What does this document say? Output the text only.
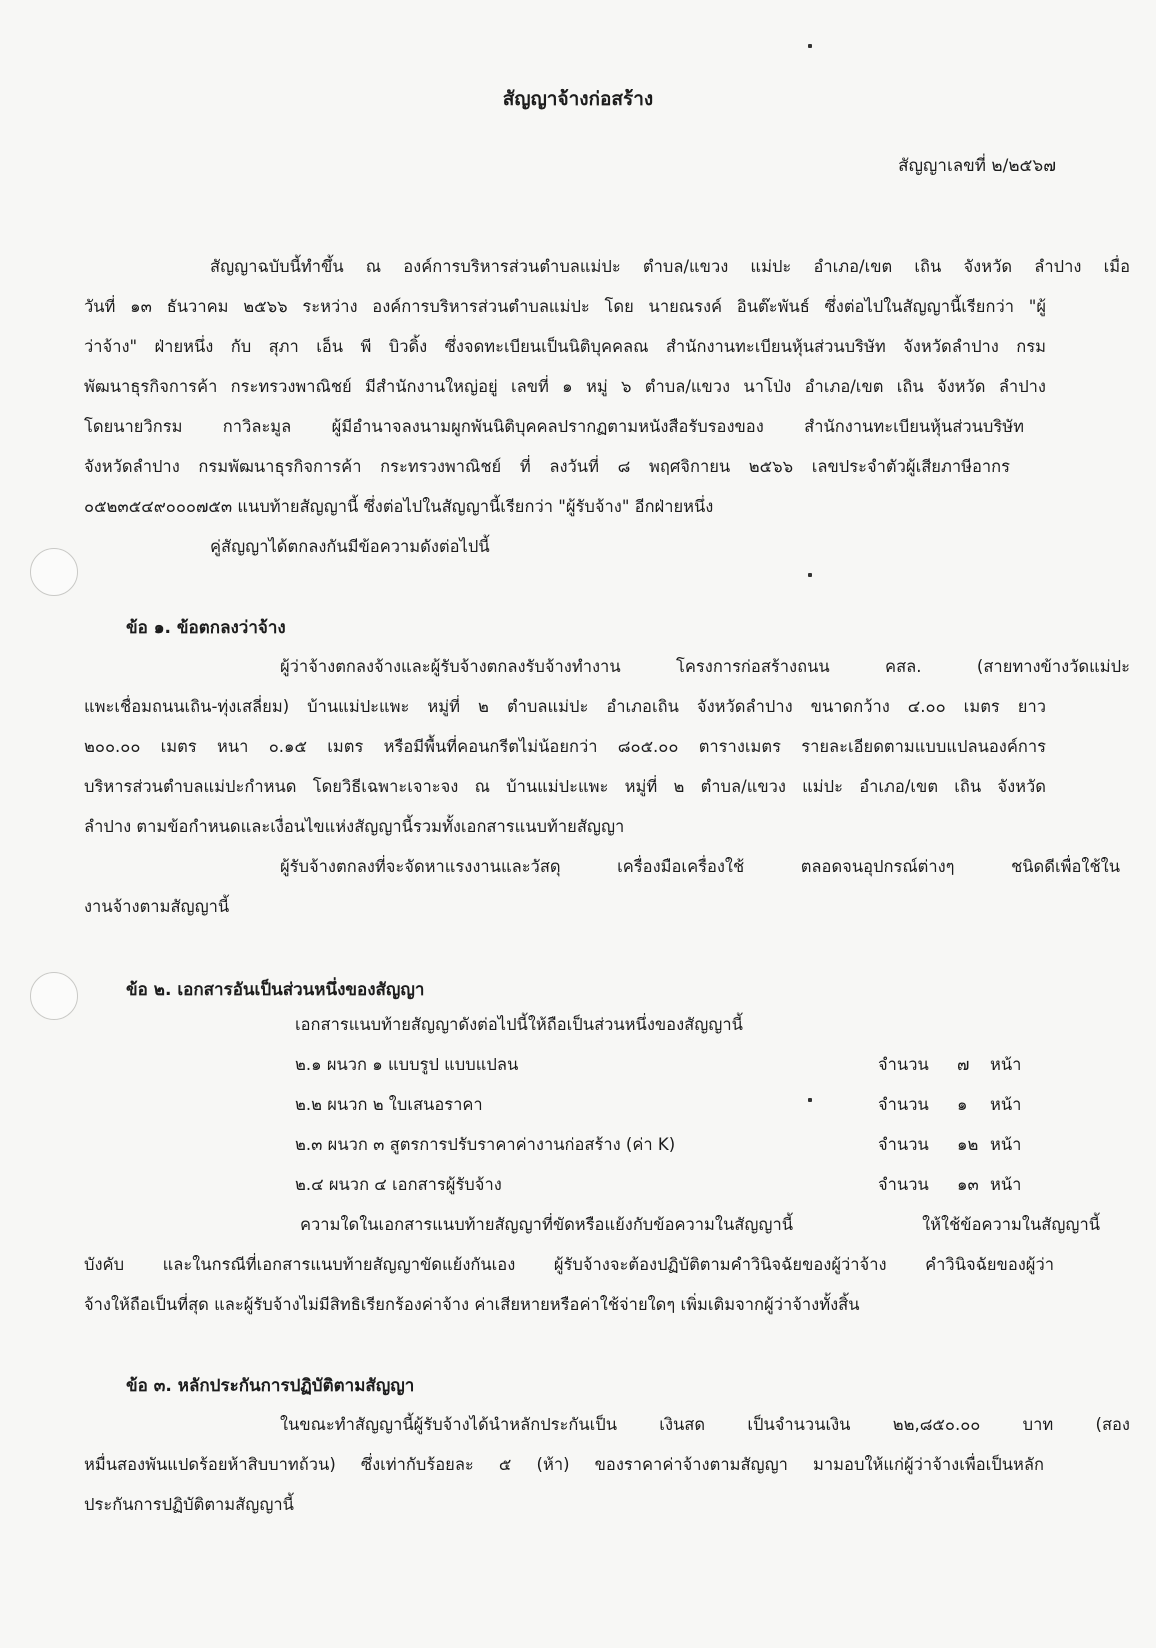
สัญญาจ้างก่อสร้าง
สัญญาเลขที่ ๒/๒๕๖๗
สัญญาฉบับนี้ทำขึ้น ณ องค์การบริหารส่วนตำบลแม่ปะ ตำบล/แขวง แม่ปะ อำเภอ/เขต เถิน จังหวัด ลำปาง เมื่อ
วันที่ ๑๓ ธันวาคม ๒๕๖๖ ระหว่าง องค์การบริหารส่วนตำบลแม่ปะ โดย นายณรงค์ อินต๊ะพันธ์ ซึ่งต่อไปในสัญญานี้เรียกว่า "ผู้
ว่าจ้าง" ฝ่ายหนึ่ง กับ สุภา เอ็น พี บิวดิ้ง ซึ่งจดทะเบียนเป็นนิติบุคคลณ สำนักงานทะเบียนหุ้นส่วนบริษัท จังหวัดลำปาง กรม
พัฒนาธุรกิจการค้า กระทรวงพาณิชย์ มีสำนักงานใหญ่อยู่ เลขที่ ๑ หมู่ ๖ ตำบล/แขวง นาโป่ง อำเภอ/เขต เถิน จังหวัด ลำปาง
โดยนายวิกรม กาวิละมูล ผู้มีอำนาจลงนามผูกพันนิติบุคคลปรากฏตามหนังสือรับรองของ สำนักงานทะเบียนหุ้นส่วนบริษัท
จังหวัดลำปาง กรมพัฒนาธุรกิจการค้า กระทรวงพาณิชย์ ที่ ลงวันที่ ๘ พฤศจิกายน ๒๕๖๖ เลขประจำตัวผู้เสียภาษีอากร
๐๕๒๓๕๔๙๐๐๐๗๕๓ แนบท้ายสัญญานี้ ซึ่งต่อไปในสัญญานี้เรียกว่า "ผู้รับจ้าง" อีกฝ่ายหนึ่ง
คู่สัญญาได้ตกลงกันมีข้อความดังต่อไปนี้
ข้อ ๑. ข้อตกลงว่าจ้าง
ผู้ว่าจ้างตกลงจ้างและผู้รับจ้างตกลงรับจ้างทำงาน โครงการก่อสร้างถนน คสล. (สายทางข้างวัดแม่ปะ
แพะเชื่อมถนนเถิน-ทุ่งเสลี่ยม) บ้านแม่ปะแพะ หมู่ที่ ๒ ตำบลแม่ปะ อำเภอเถิน จังหวัดลำปาง ขนาดกว้าง ๔.๐๐ เมตร ยาว
๒๐๐.๐๐ เมตร หนา ๐.๑๕ เมตร หรือมีพื้นที่คอนกรีตไม่น้อยกว่า ๘๐๕.๐๐ ตารางเมตร รายละเอียดตามแบบแปลนองค์การ
บริหารส่วนตำบลแม่ปะกำหนด โดยวิธีเฉพาะเจาะจง ณ บ้านแม่ปะแพะ หมู่ที่ ๒ ตำบล/แขวง แม่ปะ อำเภอ/เขต เถิน จังหวัด
ลำปาง ตามข้อกำหนดและเงื่อนไขแห่งสัญญานี้รวมทั้งเอกสารแนบท้ายสัญญา
ผู้รับจ้างตกลงที่จะจัดหาแรงงานและวัสดุ เครื่องมือเครื่องใช้ ตลอดจนอุปกรณ์ต่างๆ ชนิดดีเพื่อใช้ใน
งานจ้างตามสัญญานี้
ข้อ ๒. เอกสารอันเป็นส่วนหนึ่งของสัญญา
เอกสารแนบท้ายสัญญาดังต่อไปนี้ให้ถือเป็นส่วนหนึ่งของสัญญานี้
๒.๑ ผนวก ๑ แบบรูป แบบแปลน	จำนวน ๗ หน้า
๒.๒ ผนวก ๒ ใบเสนอราคา	จำนวน ๑ หน้า
๒.๓ ผนวก ๓ สูตรการปรับราคาค่างานก่อสร้าง (ค่า K)	จำนวน ๑๒ หน้า
๒.๔ ผนวก ๔ เอกสารผู้รับจ้าง	จำนวน ๑๓ หน้า
ความใดในเอกสารแนบท้ายสัญญาที่ขัดหรือแย้งกับข้อความในสัญญานี้ ให้ใช้ข้อความในสัญญานี้
บังคับ และในกรณีที่เอกสารแนบท้ายสัญญาขัดแย้งกันเอง ผู้รับจ้างจะต้องปฏิบัติตามคำวินิจฉัยของผู้ว่าจ้าง คำวินิจฉัยของผู้ว่า
จ้างให้ถือเป็นที่สุด และผู้รับจ้างไม่มีสิทธิเรียกร้องค่าจ้าง ค่าเสียหายหรือค่าใช้จ่ายใดๆ เพิ่มเติมจากผู้ว่าจ้างทั้งสิ้น
ข้อ ๓. หลักประกันการปฏิบัติตามสัญญา
ในขณะทำสัญญานี้ผู้รับจ้างได้นำหลักประกันเป็น เงินสด เป็นจำนวนเงิน ๒๒,๘๕๐.๐๐ บาท (สอง
หมื่นสองพันแปดร้อยห้าสิบบาทถ้วน) ซึ่งเท่ากับร้อยละ ๕ (ห้า) ของราคาค่าจ้างตามสัญญา มามอบให้แก่ผู้ว่าจ้างเพื่อเป็นหลัก
ประกันการปฏิบัติตามสัญญานี้
